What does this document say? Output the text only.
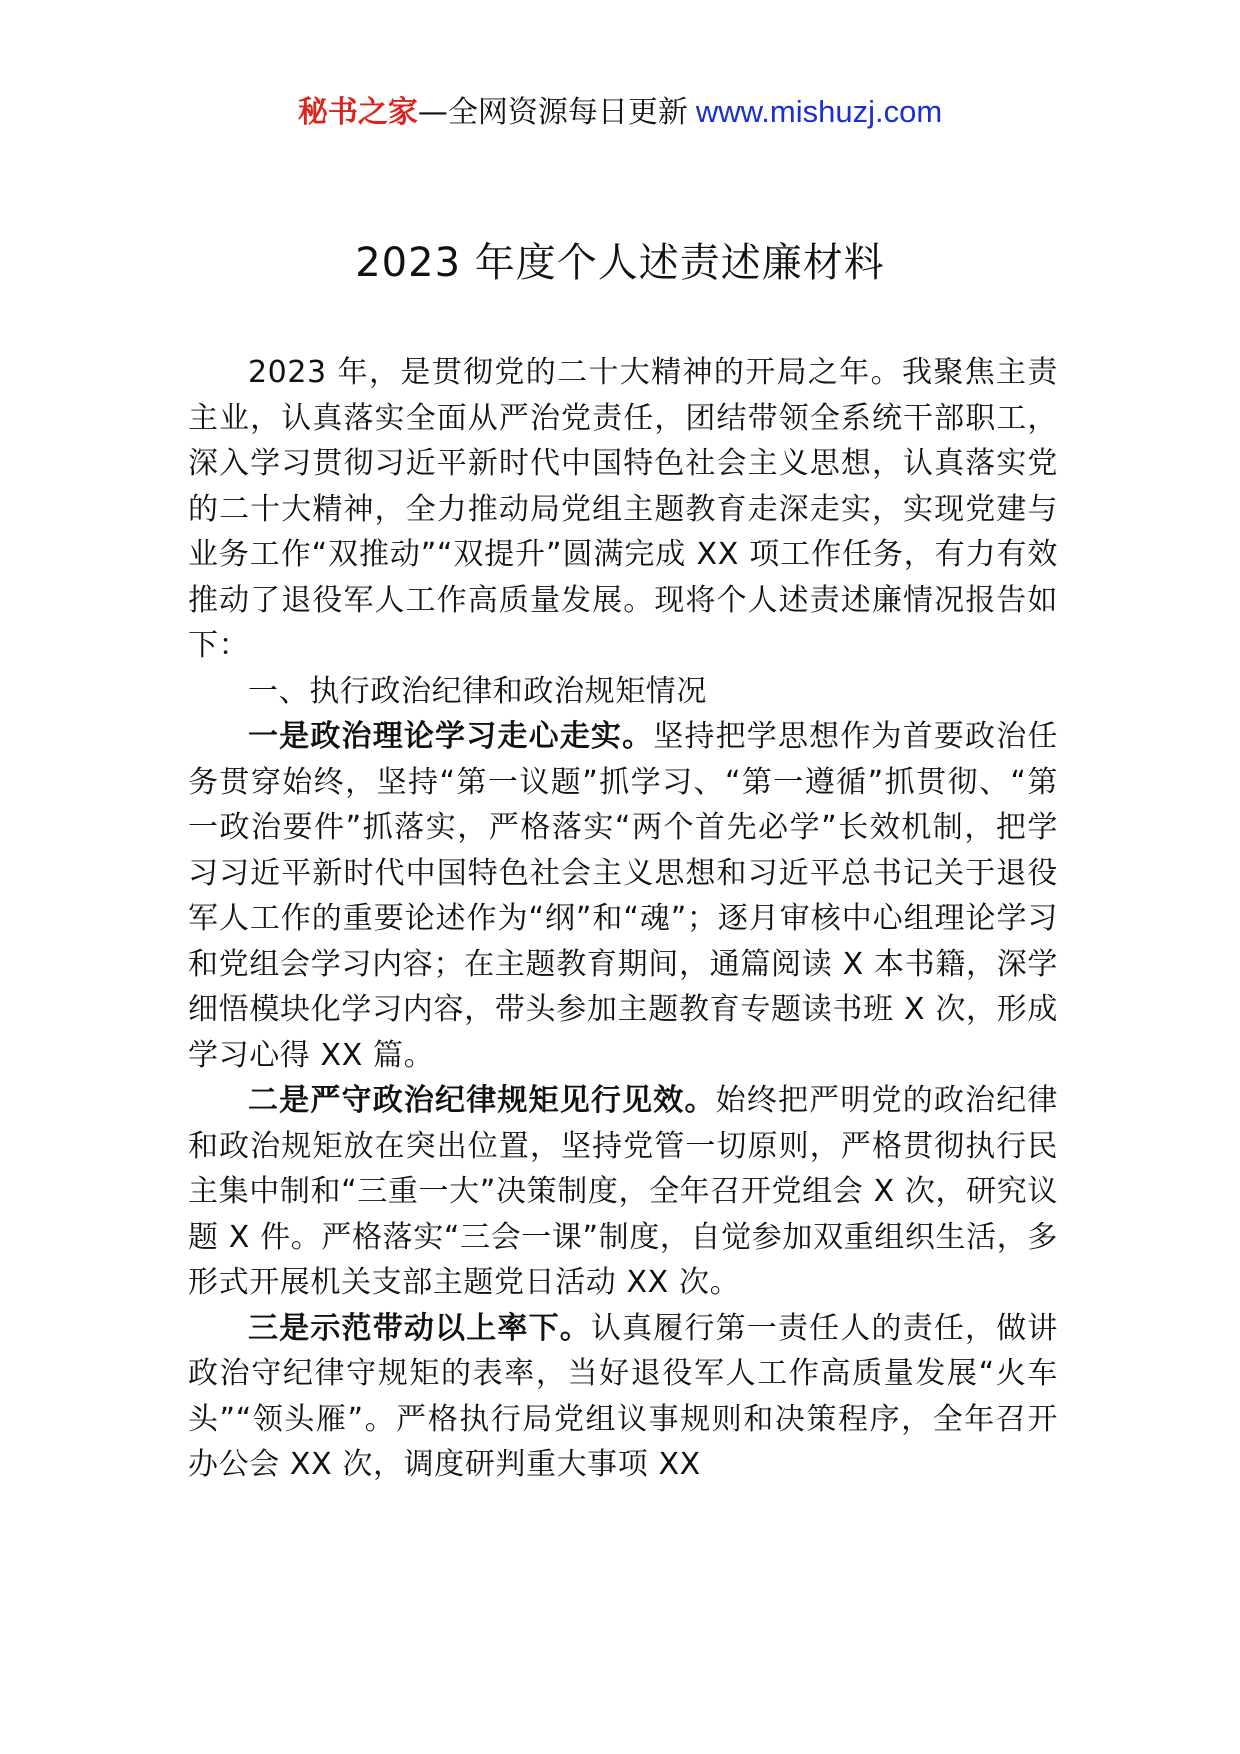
秘书之家—全网资源每日更新 www.mishuzj.com
2023 年度个人述责述廉材料

2023 年，是贯彻党的二十大精神的开局之年。我聚焦主责主业，认真落实全面从严治党责任，团结带领全系统干部职工，深入学习贯彻习近平新时代中国特色社会主义思想，认真落实党的二十大精神，全力推动局党组主题教育走深走实，实现党建与业务工作“双推动”“双提升”圆满完成 XX 项工作任务，有力有效推动了退役军人工作高质量发展。现将个人述责述廉情况报告如下：

一、执行政治纪律和政治规矩情况

一是政治理论学习走心走实。坚持把学思想作为首要政治任务贯穿始终，坚持“第一议题”抓学习、“第一遵循”抓贯彻、“第一政治要件”抓落实，严格落实“两个首先必学”长效机制，把学习习近平新时代中国特色社会主义思想和习近平总书记关于退役军人工作的重要论述作为“纲”和“魂”；逐月审核中心组理论学习和党组会学习内容；在主题教育期间，通篇阅读 X 本书籍，深学细悟模块化学习内容，带头参加主题教育专题读书班 X 次，形成学习心得 XX 篇。

二是严守政治纪律规矩见行见效。始终把严明党的政治纪律和政治规矩放在突出位置，坚持党管一切原则，严格贯彻执行民主集中制和“三重一大”决策制度，全年召开党组会 X 次，研究议题 X 件。严格落实“三会一课”制度，自觉参加双重组织生活，多形式开展机关支部主题党日活动 XX 次。

三是示范带动以上率下。认真履行第一责任人的责任，做讲政治守纪律守规矩的表率，当好退役军人工作高质量发展“火车头”“领头雁”。严格执行局党组议事规则和决策程序，全年召开办公会 XX 次，调度研判重大事项 XX
